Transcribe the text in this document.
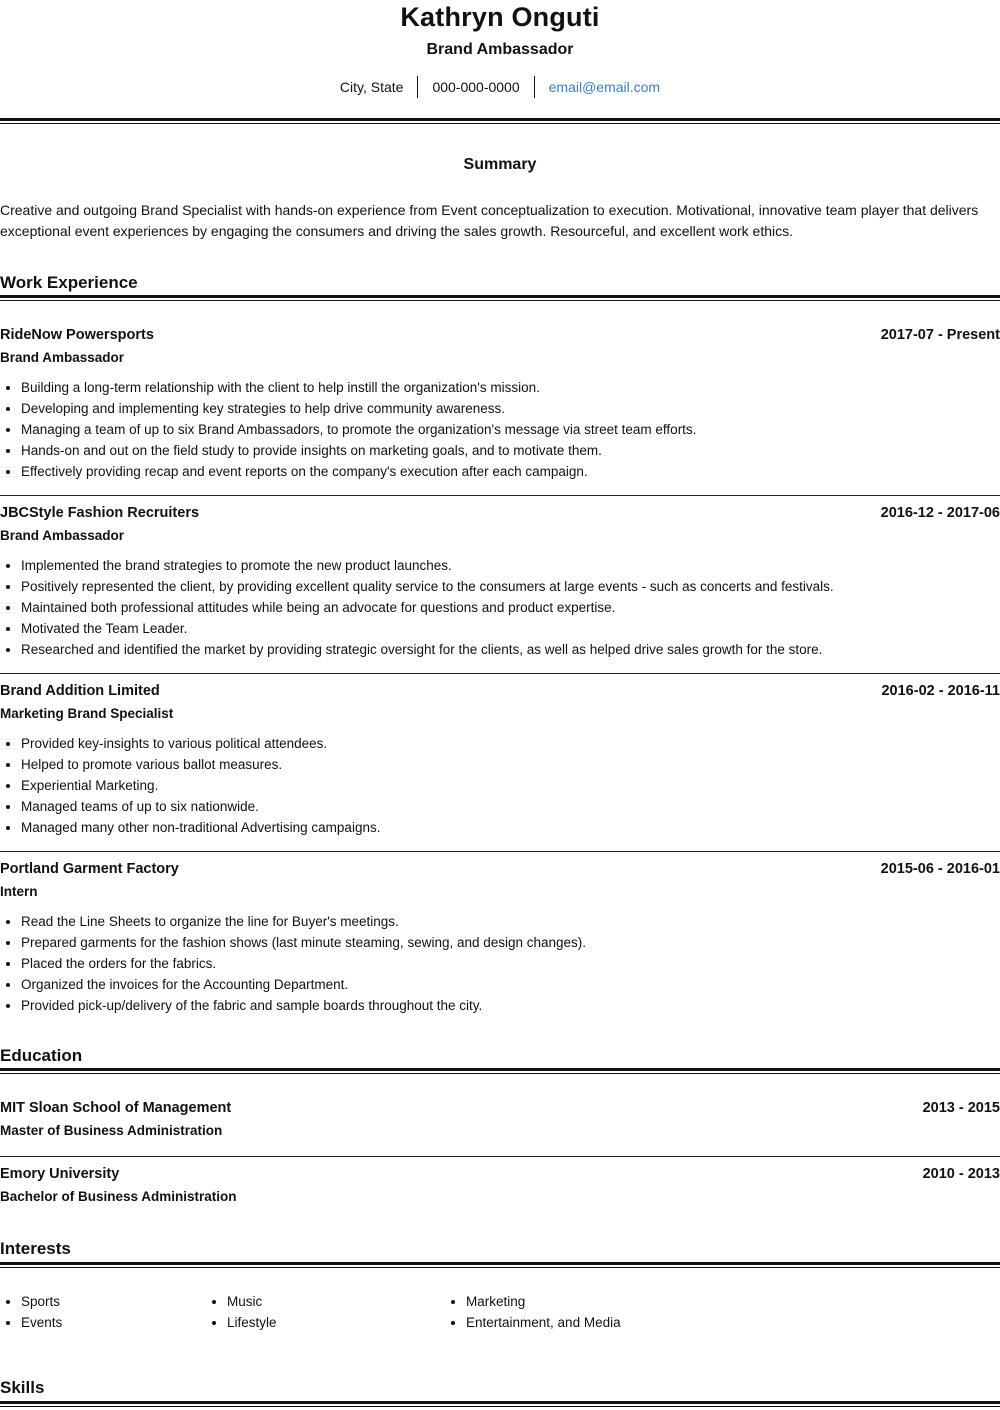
Kathryn Onguti
Brand Ambassador
City, State	000-000-0000	email@email.com
Summary
Creative and outgoing Brand Specialist with hands-on experience from Event conceptualization to execution. Motivational, innovative team player that delivers exceptional event experiences by engaging the consumers and driving the sales growth. Resourceful, and excellent work ethics.
Work Experience
RideNow Powersports	2017-07 - Present
Brand Ambassador
• Building a long-term relationship with the client to help instill the organization's mission.
• Developing and implementing key strategies to help drive community awareness.
• Managing a team of up to six Brand Ambassadors, to promote the organization's message via street team efforts.
• Hands-on and out on the field study to provide insights on marketing goals, and to motivate them.
• Effectively providing recap and event reports on the company's execution after each campaign.
JBCStyle Fashion Recruiters	2016-12 - 2017-06
Brand Ambassador
• Implemented the brand strategies to promote the new product launches.
• Positively represented the client, by providing excellent quality service to the consumers at large events - such as concerts and festivals.
• Maintained both professional attitudes while being an advocate for questions and product expertise.
• Motivated the Team Leader.
• Researched and identified the market by providing strategic oversight for the clients, as well as helped drive sales growth for the store.
Brand Addition Limited	2016-02 - 2016-11
Marketing Brand Specialist
• Provided key-insights to various political attendees.
• Helped to promote various ballot measures.
• Experiential Marketing.
• Managed teams of up to six nationwide.
• Managed many other non-traditional Advertising campaigns.
Portland Garment Factory	2015-06 - 2016-01
Intern
• Read the Line Sheets to organize the line for Buyer's meetings.
• Prepared garments for the fashion shows (last minute steaming, sewing, and design changes).
• Placed the orders for the fabrics.
• Organized the invoices for the Accounting Department.
• Provided pick-up/delivery of the fabric and sample boards throughout the city.
Education
MIT Sloan School of Management	2013 - 2015
Master of Business Administration
Emory University	2010 - 2013
Bachelor of Business Administration
Interests
• Sports
• Events
• Music
• Lifestyle
• Marketing
• Entertainment, and Media
Skills
